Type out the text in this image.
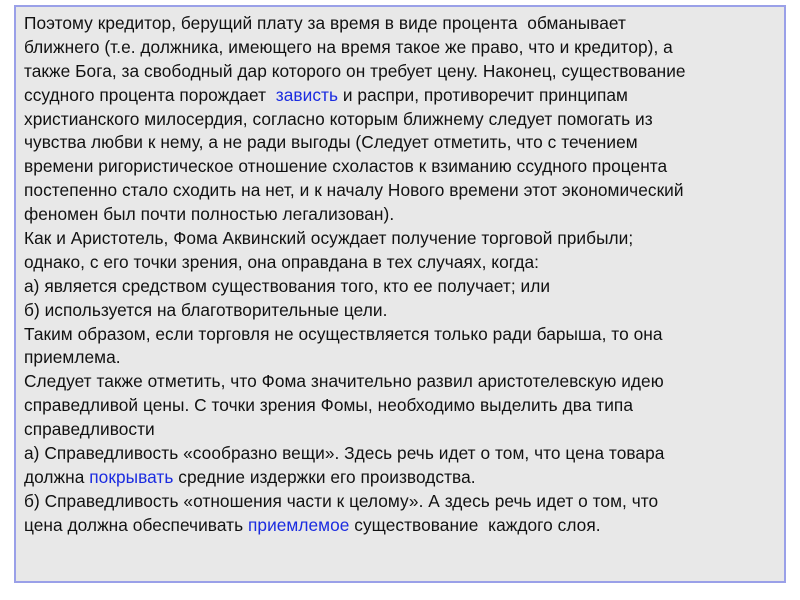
Поэтому кредитор, берущий плату за время в виде процента  обманывает
ближнего (т.е. должника, имеющего на время такое же право, что и кредитор), а
также Бога, за свободный дар которого он требует цену. Наконец, существование
ссудного процента порождает  зависть и распри, противоречит принципам
христианского милосердия, согласно которым ближнему следует помогать из
чувства любви к нему, а не ради выгоды (Следует отметить, что с течением
времени ригористическое отношение схоластов к взиманию ссудного процента
постепенно стало сходить на нет, и к началу Нового времени этот экономический
феномен был почти полностью легализован).
Как и Аристотель, Фома Аквинский осуждает получение торговой прибыли;
однако, с его точки зрения, она оправдана в тех случаях, когда:
а) является средством существования того, кто ее получает; или
б) используется на благотворительные цели.
Таким образом, если торговля не осуществляется только ради барыша, то она
приемлема.
Следует также отметить, что Фома значительно развил аристотелевскую идею
справедливой цены. С точки зрения Фомы, необходимо выделить два типа
справедливости
а) Справедливость «сообразно вещи». Здесь речь идет о том, что цена товара
должна покрывать средние издержки его производства.
б) Справедливость «отношения части к целому». А здесь речь идет о том, что
цена должна обеспечивать приемлемое существование  каждого слоя.
